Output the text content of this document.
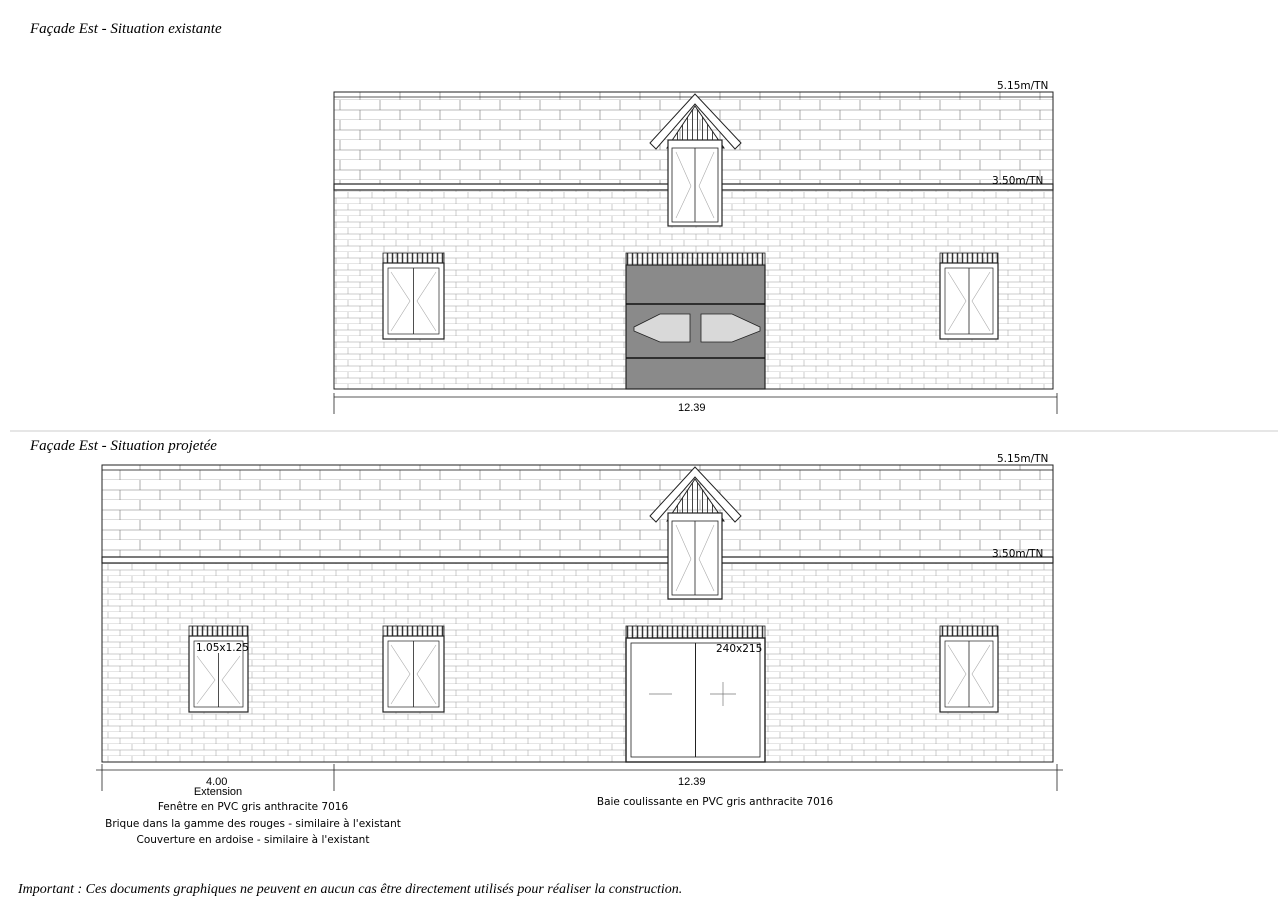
Façade Est - Situation existante
5.15m/TN
3.50m/TN
12.39
Façade Est - Situation projetée
5.15m/TN
3.50m/TN
1.05x1.25	240x215
4.00	12.39
Extension
Fenêtre en PVC gris anthracite 7016
Brique dans la gamme des rouges - similaire à l'existant
Couverture en ardoise - similaire à l'existant
Baie coulissante en PVC gris anthracite 7016
Important : Ces documents graphiques ne peuvent en aucun cas être directement utilisés pour réaliser la construction.
